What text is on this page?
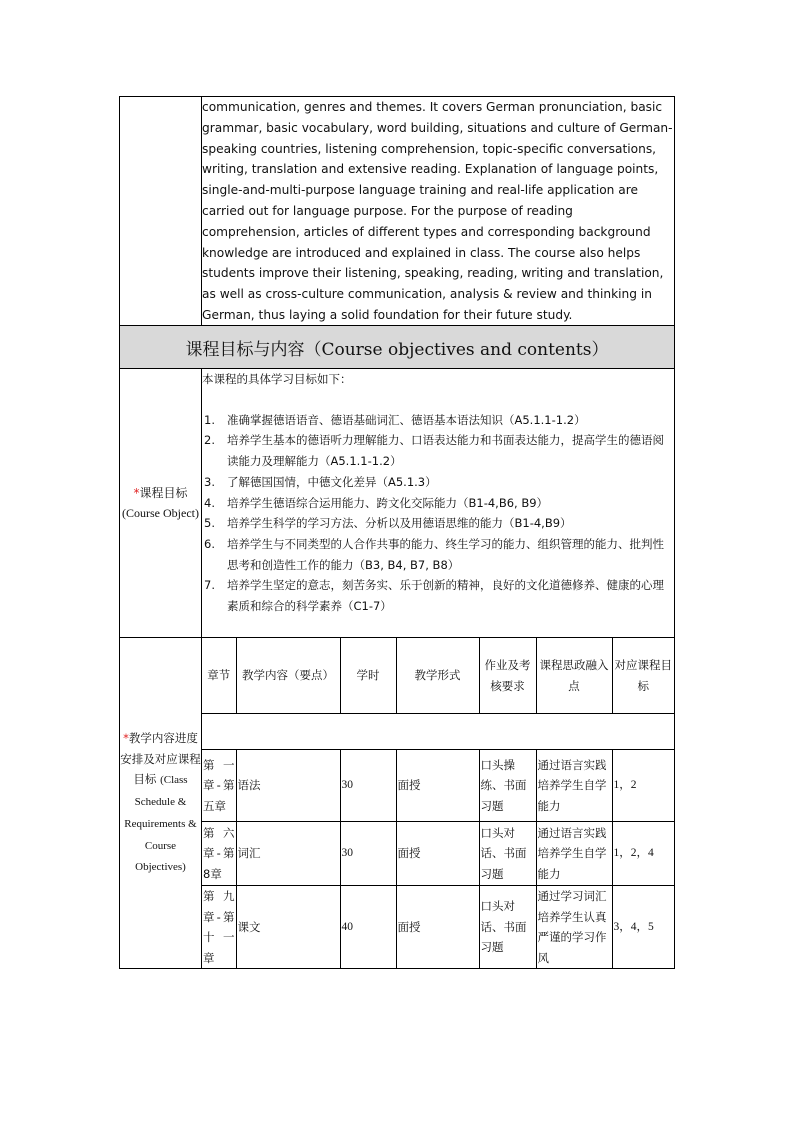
communication, genres and themes. It covers German pronunciation, basic grammar, basic vocabulary, word building, situations and culture of German-speaking countries, listening comprehension, topic-specific conversations, writing, translation and extensive reading. Explanation of language points, single-and-multi-purpose language training and real-life application are carried out for language purpose. For the purpose of reading comprehension, articles of different types and corresponding background knowledge are introduced and explained in class. The course also helps students improve their listening, speaking, reading, writing and translation, as well as cross-culture communication, analysis & review and thinking in German, thus laying a solid foundation for their future study.

课程目标与内容（Course objectives and contents）
*课程目标
(Course Object)	
本课程的具体学习目标如下：
1. 准确掌握德语语音、德语基础词汇、德语基本语法知识（A5.1.1-1.2）
2. 培养学生基本的德语听力理解能力、口语表达能力和书面表达能力，提高学生的德语阅读能力及理解能力（A5.1.1-1.2）
3. 了解德国国情，中德文化差异（A5.1.3）
4. 培养学生德语综合运用能力、跨文化交际能力（B1-4,B6, B9）
5. 培养学生科学的学习方法、分析以及用德语思维的能力（B1-4,B9）
6. 培养学生与不同类型的人合作共事的能力、终生学习的能力、组织管理的能力、批判性思考和创造性工作的能力（B3, B4, B7, B8）
7. 培养学生坚定的意志，刻苦务实、乐于创新的精神，良好的文化道德修养、健康的心理素质和综合的科学素养（C1-7）

*教学内容进度安排及对应课程目标 (Class Schedule & Requirements & Course Objectives)	
章节	教学内容（要点）	学时	教学形式	作业及考核要求	课程思政融入点	对应课程目标

第一章-第五章	语法	30	面授	口头操练、书面习题	通过语言实践培养学生自学能力	1，2
第 六章-第8章	词汇	30	面授	口头对话、书面习题	通过语言实践培养学生自学能力	1，2，4
第 九章-第 十 一章	课文	40	面授	口头对话、书面习题	通过学习词汇培养学生认真严谨的学习作风	3，4，5
